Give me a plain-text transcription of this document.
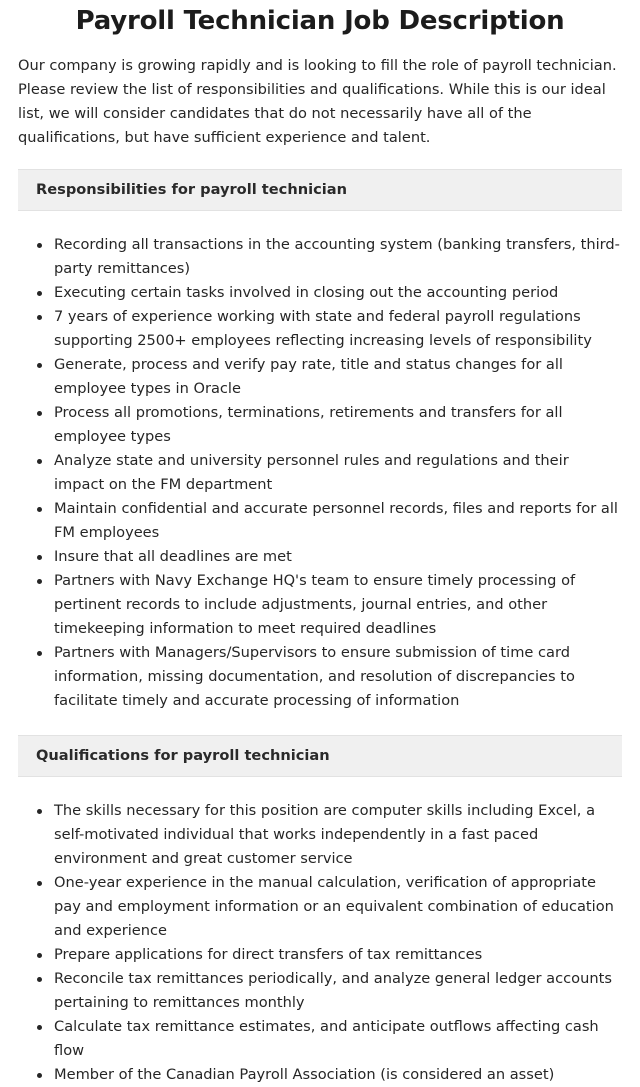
Payroll Technician Job Description

Our company is growing rapidly and is looking to fill the role of payroll technician. Please review the list of responsibilities and qualifications. While this is our ideal list, we will consider candidates that do not necessarily have all of the qualifications, but have sufficient experience and talent.

Responsibilities for payroll technician
Recording all transactions in the accounting system (banking transfers, third-party remittances)
Executing certain tasks involved in closing out the accounting period
7 years of experience working with state and federal payroll regulations supporting 2500+ employees reflecting increasing levels of responsibility
Generate, process and verify pay rate, title and status changes for all employee types in Oracle
Process all promotions, terminations, retirements and transfers for all employee types
Analyze state and university personnel rules and regulations and their impact on the FM department
Maintain confidential and accurate personnel records, files and reports for all FM employees
Insure that all deadlines are met
Partners with Navy Exchange HQ's team to ensure timely processing of pertinent records to include adjustments, journal entries, and other timekeeping information to meet required deadlines
Partners with Managers/Supervisors to ensure submission of time card information, missing documentation, and resolution of discrepancies to facilitate timely and accurate processing of information
Qualifications for payroll technician
The skills necessary for this position are computer skills including Excel, a self-motivated individual that works independently in a fast paced environment and great customer service
One-year experience in the manual calculation, verification of appropriate pay and employment information or an equivalent combination of education and experience
Prepare applications for direct transfers of tax remittances
Reconcile tax remittances periodically, and analyze general ledger accounts pertaining to remittances monthly
Calculate tax remittance estimates, and anticipate outflows affecting cash flow
Member of the Canadian Payroll Association (is considered an asset)
